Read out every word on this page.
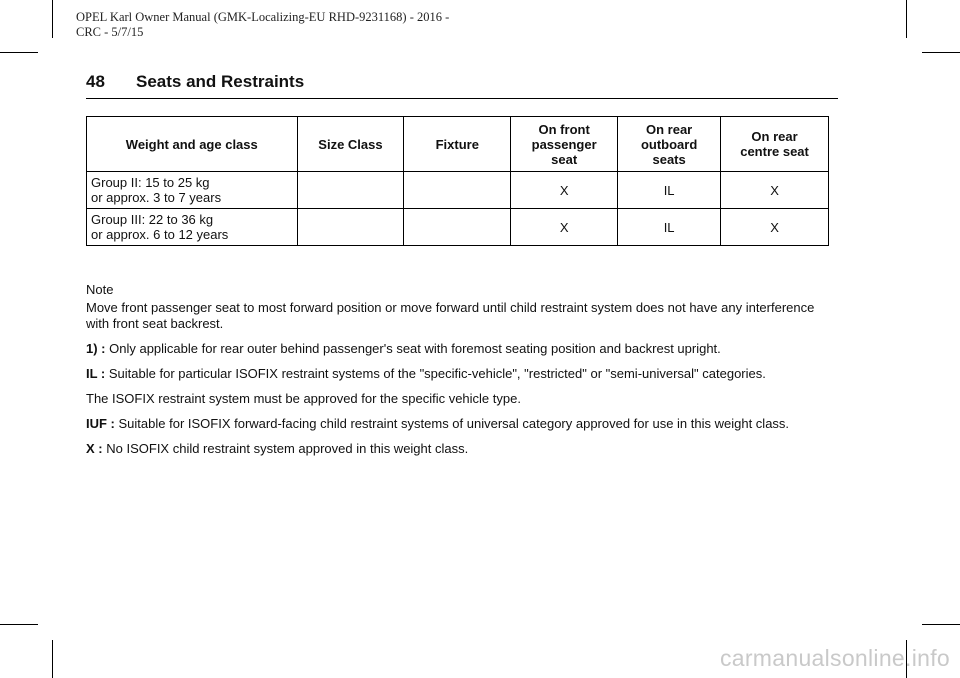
OPEL Karl Owner Manual (GMK-Localizing-EU RHD-9231168) - 2016 -
CRC - 5/7/15
48 Seats and Restraints
Weight and age class	Size Class	Fixture	On front passenger seat	On rear outboard seats	On rear centre seat
Group II: 15 to 25 kg
or approx. 3 to 7 years			X	IL	X
Group III: 22 to 36 kg
or approx. 6 to 12 years			X	IL	X

Note

Move front passenger seat to most forward position or move forward until child restraint system does not have any interference with front seat backrest.

1) : Only applicable for rear outer behind passenger's seat with foremost seating position and backrest upright.

IL : Suitable for particular ISOFIX restraint systems of the "specific-vehicle", "restricted" or "semi-universal" categories.

The ISOFIX restraint system must be approved for the specific vehicle type.

IUF : Suitable for ISOFIX forward-facing child restraint systems of universal category approved for use in this weight class.

X : No ISOFIX child restraint system approved in this weight class.

carmanualsonline.info
